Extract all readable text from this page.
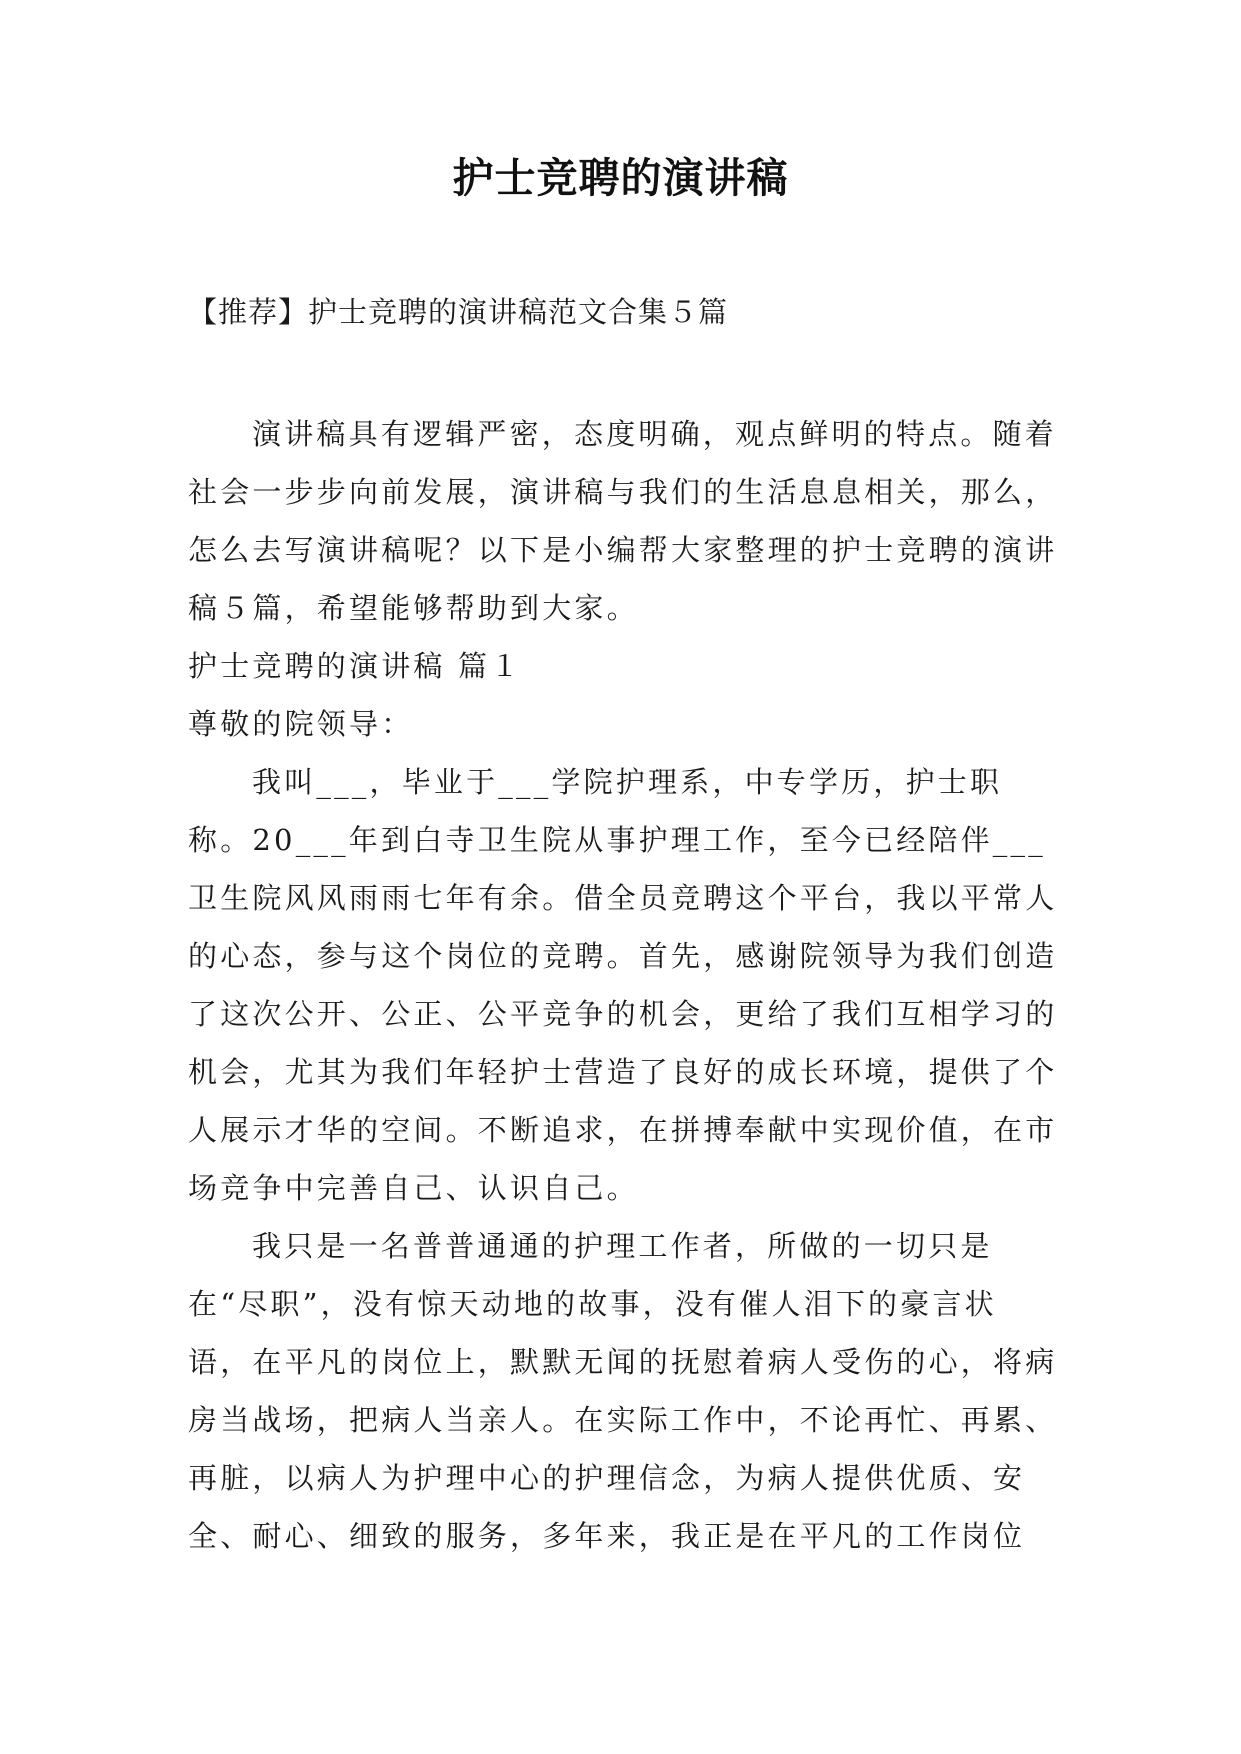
护士竞聘的演讲稿
【推荐】护士竞聘的演讲稿范文合集５篇

演讲稿具有逻辑严密，态度明确，观点鲜明的特点。随着社会一步步向前发展，演讲稿与我们的生活息息相关，那么，怎么去写演讲稿呢？以下是小编帮大家整理的护士竞聘的演讲稿５篇，希望能够帮助到大家。

护士竞聘的演讲稿 篇１

尊敬的院领导：

我叫___，毕业于___学院护理系，中专学历，护士职称。20___年到白寺卫生院从事护理工作，至今已经陪伴___卫生院风风雨雨七年有余。借全员竞聘这个平台，我以平常人的心态，参与这个岗位的竞聘。首先，感谢院领导为我们创造了这次公开、公正、公平竞争的机会，更给了我们互相学习的机会，尤其为我们年轻护士营造了良好的成长环境，提供了个人展示才华的空间。不断追求，在拼搏奉献中实现价值，在市场竞争中完善自己、认识自己。

我只是一名普普通通的护理工作者，所做的一切只是在“尽职”，没有惊天动地的故事，没有催人泪下的豪言状语，在平凡的岗位上，默默无闻的抚慰着病人受伤的心，将病房当战场，把病人当亲人。在实际工作中，不论再忙、再累、再脏，以病人为护理中心的护理信念，为病人提供优质、安全、耐心、细致的服务，多年来，我正是在平凡的工作岗位
